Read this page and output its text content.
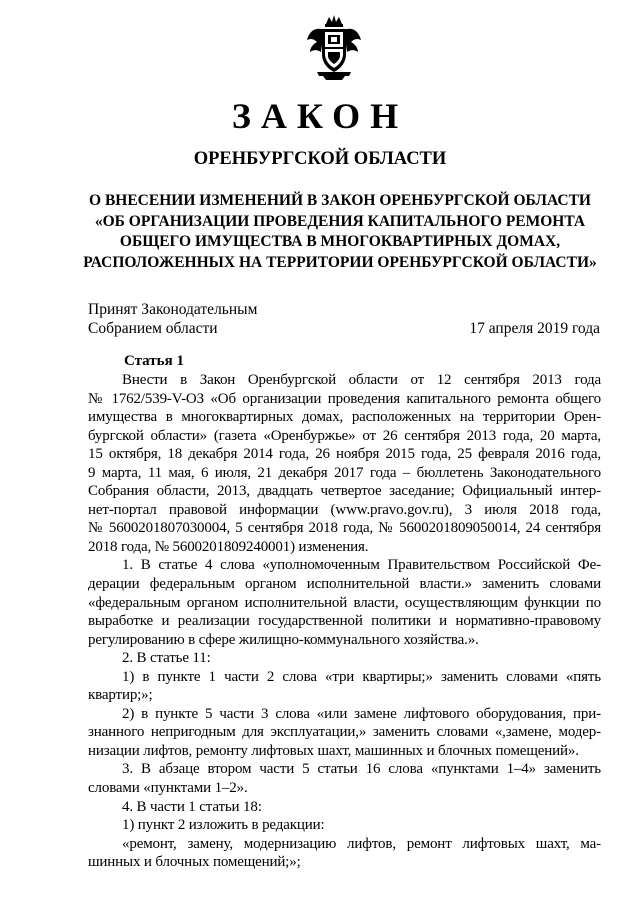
ЗАКОН
ОРЕНБУРГСКОЙ ОБЛАСТИ
О ВНЕСЕНИИ ИЗМЕНЕНИЙ В ЗАКОН ОРЕНБУРГСКОЙ ОБЛАСТИ
«ОБ ОРГАНИЗАЦИИ ПРОВЕДЕНИЯ КАПИТАЛЬНОГО РЕМОНТА
ОБЩЕГО ИМУЩЕСТВА В МНОГОКВАРТИРНЫХ ДОМАХ,
РАСПОЛОЖЕННЫХ НА ТЕРРИТОРИИ ОРЕНБУРГСКОЙ ОБЛАСТИ»
Принят Законодательным
Собранием области	17 апреля 2019 года
Статья 1
Внести в Закон Оренбургской области от 12 сентября 2013 года
№ 1762/539-V-ОЗ «Об организации проведения капитального ремонта общего
имущества в многоквартирных домах, расположенных на территории Орен-
бургской области» (газета «Оренбуржье» от 26 сентября 2013 года, 20 марта,
15 октября, 18 декабря 2014 года, 26 ноября 2015 года, 25 февраля 2016 года,
9 марта, 11 мая, 6 июля, 21 декабря 2017 года – бюллетень Законодательного
Собрания области, 2013, двадцать четвертое заседание; Официальный интер-
нет-портал правовой информации (www.pravo.gov.ru), 3 июля 2018 года,
№ 5600201807030004, 5 сентября 2018 года, № 5600201809050014, 24 сентября
2018 года, № 5600201809240001) изменения.
1. В статье 4 слова «уполномоченным Правительством Российской Фе-
дерации федеральным органом исполнительной власти.» заменить словами
«федеральным органом исполнительной власти, осуществляющим функции по
выработке и реализации государственной политики и нормативно-правовому
регулированию в сфере жилищно-коммунального хозяйства.».
2. В статье 11:
1) в пункте 1 части 2 слова «три квартиры;» заменить словами «пять
квартир;»;
2) в пункте 5 части 3 слова «или замене лифтового оборудования, при-
знанного непригодным для эксплуатации,» заменить словами «,замене, модер-
низации лифтов, ремонту лифтовых шахт, машинных и блочных помещений».
3. В абзаце втором части 5 статьи 16 слова «пунктами 1–4» заменить
словами «пунктами 1–2».
4. В части 1 статьи 18:
1) пункт 2 изложить в редакции:
«ремонт, замену, модернизацию лифтов, ремонт лифтовых шахт, ма-
шинных и блочных помещений;»;
